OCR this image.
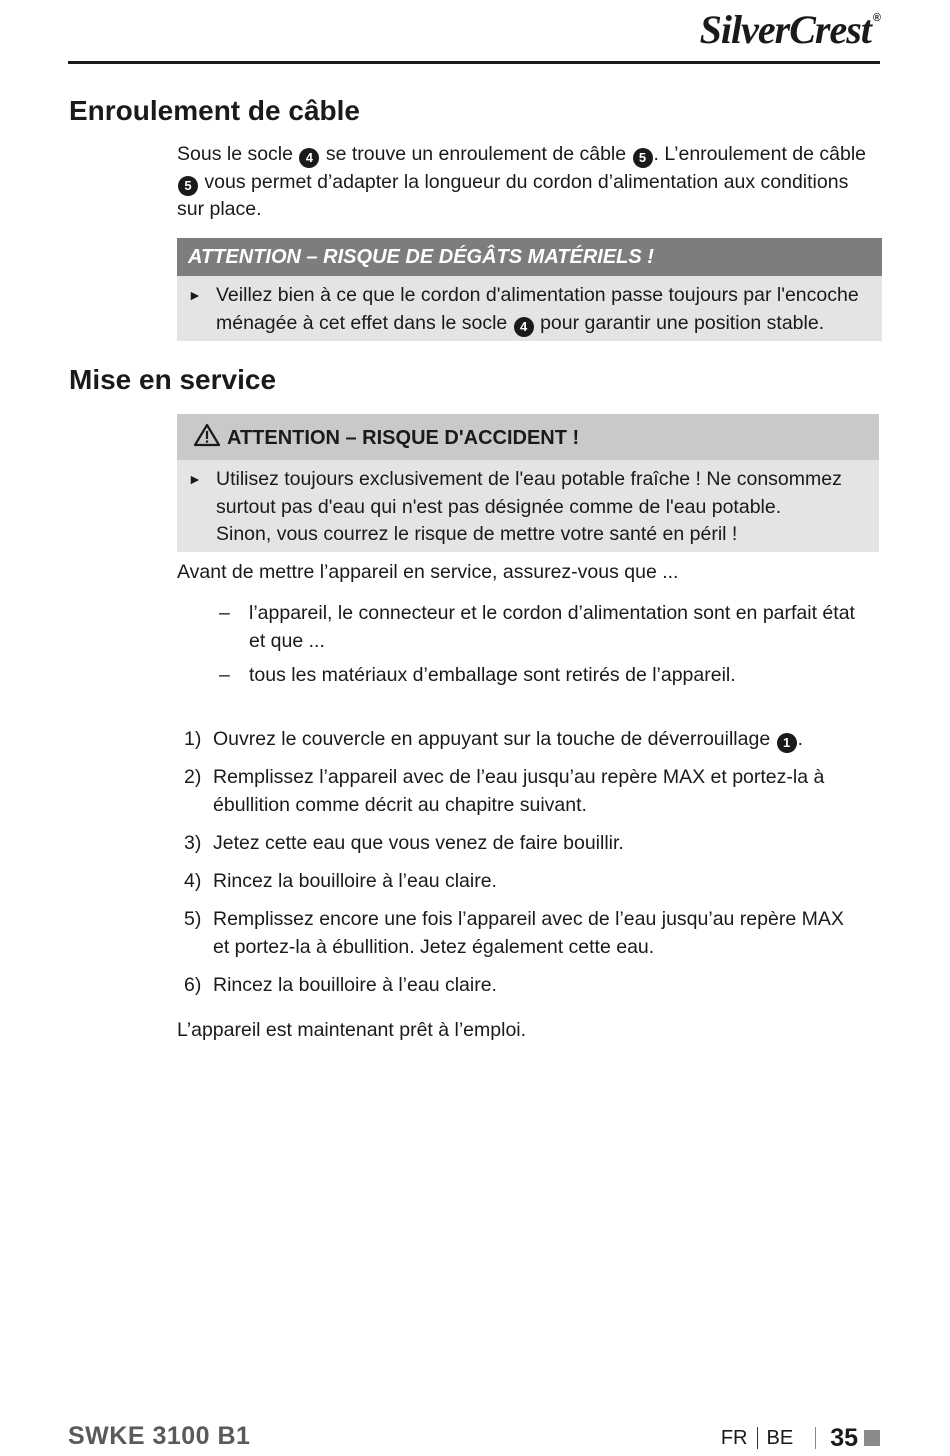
SilverCrest ®
Enroulement de câble

Sous le socle 4 se trouve un enroulement de câble 5 . L’enroulement de câble 5 vous permet d’adapter la longueur du cordon d’alimentation aux conditions sur place.

ATTENTION – RISQUE DE DÉGÂTS MATÉRIELS !
► Veillez bien à ce que le cordon d'alimentation passe toujours par l'encoche ménagée à cet effet dans le socle 4 pour garantir une position stable.
Mise en service
ATTENTION – RISQUE D'ACCIDENT !
► Utilisez toujours exclusivement de l'eau potable fraîche ! Ne consommez surtout pas d'eau qui n'est pas désignée comme de l'eau potable.
Sinon, vous courrez le risque de mettre votre santé en péril !

Avant de mettre l’appareil en service, assurez-vous que ...

– l’appareil, le connecteur et le cordon d’alimentation sont en parfait état et que ...
– tous les matériaux d’emballage sont retirés de l’appareil.
1) Ouvrez le couvercle en appuyant sur la touche de déverrouillage 1 .
2) Remplissez l’appareil avec de l’eau jusqu’au repère MAX et portez-la à ébullition comme décrit au chapitre suivant.
3) Jetez cette eau que vous venez de faire bouillir.
4) Rincez la bouilloire à l’eau claire.
5) Remplissez encore une fois l’appareil avec de l’eau jusqu’au repère MAX et portez-la à ébullition. Jetez également cette eau.
6) Rincez la bouilloire à l’eau claire.

L’appareil est maintenant prêt à l’emploi.

SWKE 3100 B1	FR BE 35
